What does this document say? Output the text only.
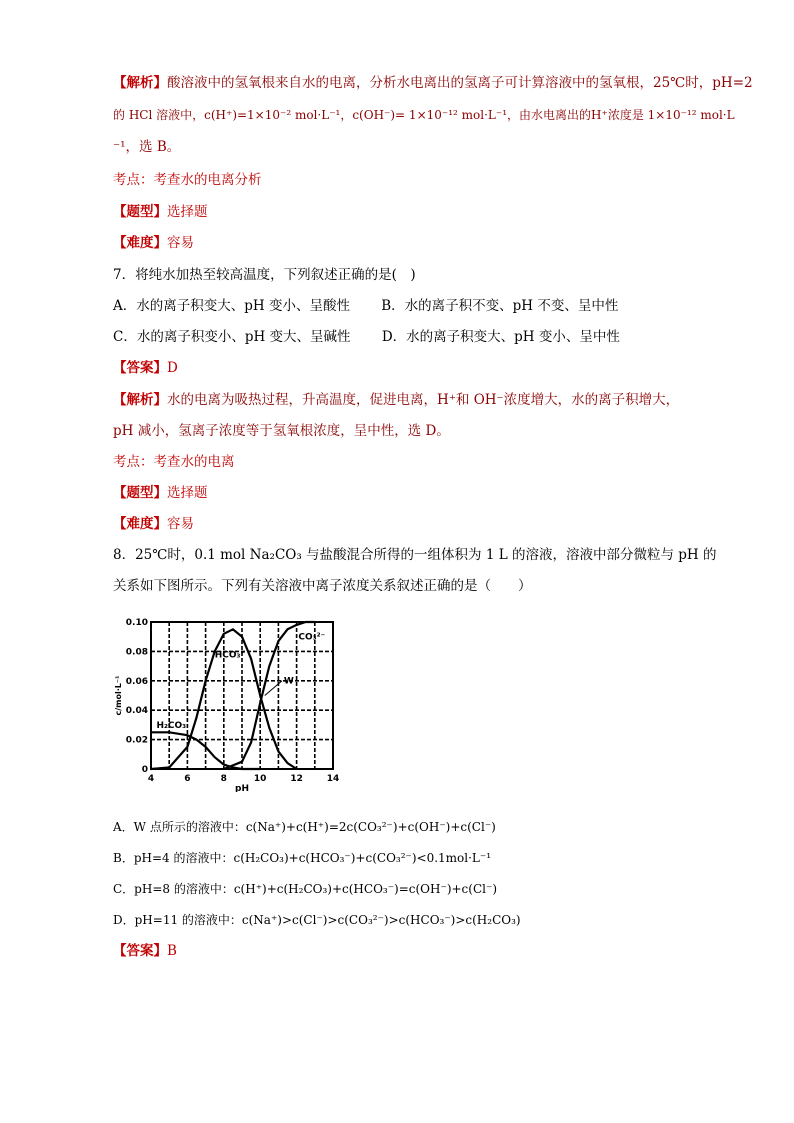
【解析】酸溶液中的氢氧根来自水的电离，分析水电离出的氢离子可计算溶液中的氢氧根，25℃时，pH=2
的 HCl 溶液中，c(H⁺)=1×10⁻² mol·L⁻¹，c(OH⁻)= 1×10⁻¹² mol·L⁻¹，由水电离出的H⁺浓度是 1×10⁻¹² mol·L
⁻¹，选 B。
考点：考查水的电离分析
【题型】选择题
【难度】容易
7．将纯水加热至较高温度，下列叙述正确的是(　)
A．水的离子积变大、pH 变小、呈酸性　　 B．水的离子积不变、pH 不变、呈中性
C．水的离子积变小、pH 变大、呈碱性　　 D．水的离子积变大、pH 变小、呈中性
【答案】D
【解析】水的电离为吸热过程，升高温度，促进电离，H⁺和 OH⁻浓度增大，水的离子积增大，
pH 减小，氢离子浓度等于氢氧根浓度，呈中性，选 D。
考点：考查水的电离
【题型】选择题
【难度】容易
8．25℃时，0.1 mol Na₂CO₃ 与盐酸混合所得的一组体积为 1 L 的溶液，溶液中部分微粒与 pH 的
关系如下图所示。下列有关溶液中离子浓度关系叙述正确的是（　　）
4	6	8	10	12	14
0
0.02
0.04
0.06
0.08
0.10
pH
c/mol·L⁻¹
H₂CO₃
HCO₃⁻
CO₃²⁻
W
A．W 点所示的溶液中：c(Na⁺)+c(H⁺)=2c(CO₃²⁻)+c(OH⁻)+c(Cl⁻)
B．pH=4 的溶液中：c(H₂CO₃)+c(HCO₃⁻)+c(CO₃²⁻)<0.1mol·L⁻¹
C．pH=8 的溶液中：c(H⁺)+c(H₂CO₃)+c(HCO₃⁻)=c(OH⁻)+c(Cl⁻)
D．pH=11 的溶液中：c(Na⁺)>c(Cl⁻)>c(CO₃²⁻)>c(HCO₃⁻)>c(H₂CO₃)
【答案】B
